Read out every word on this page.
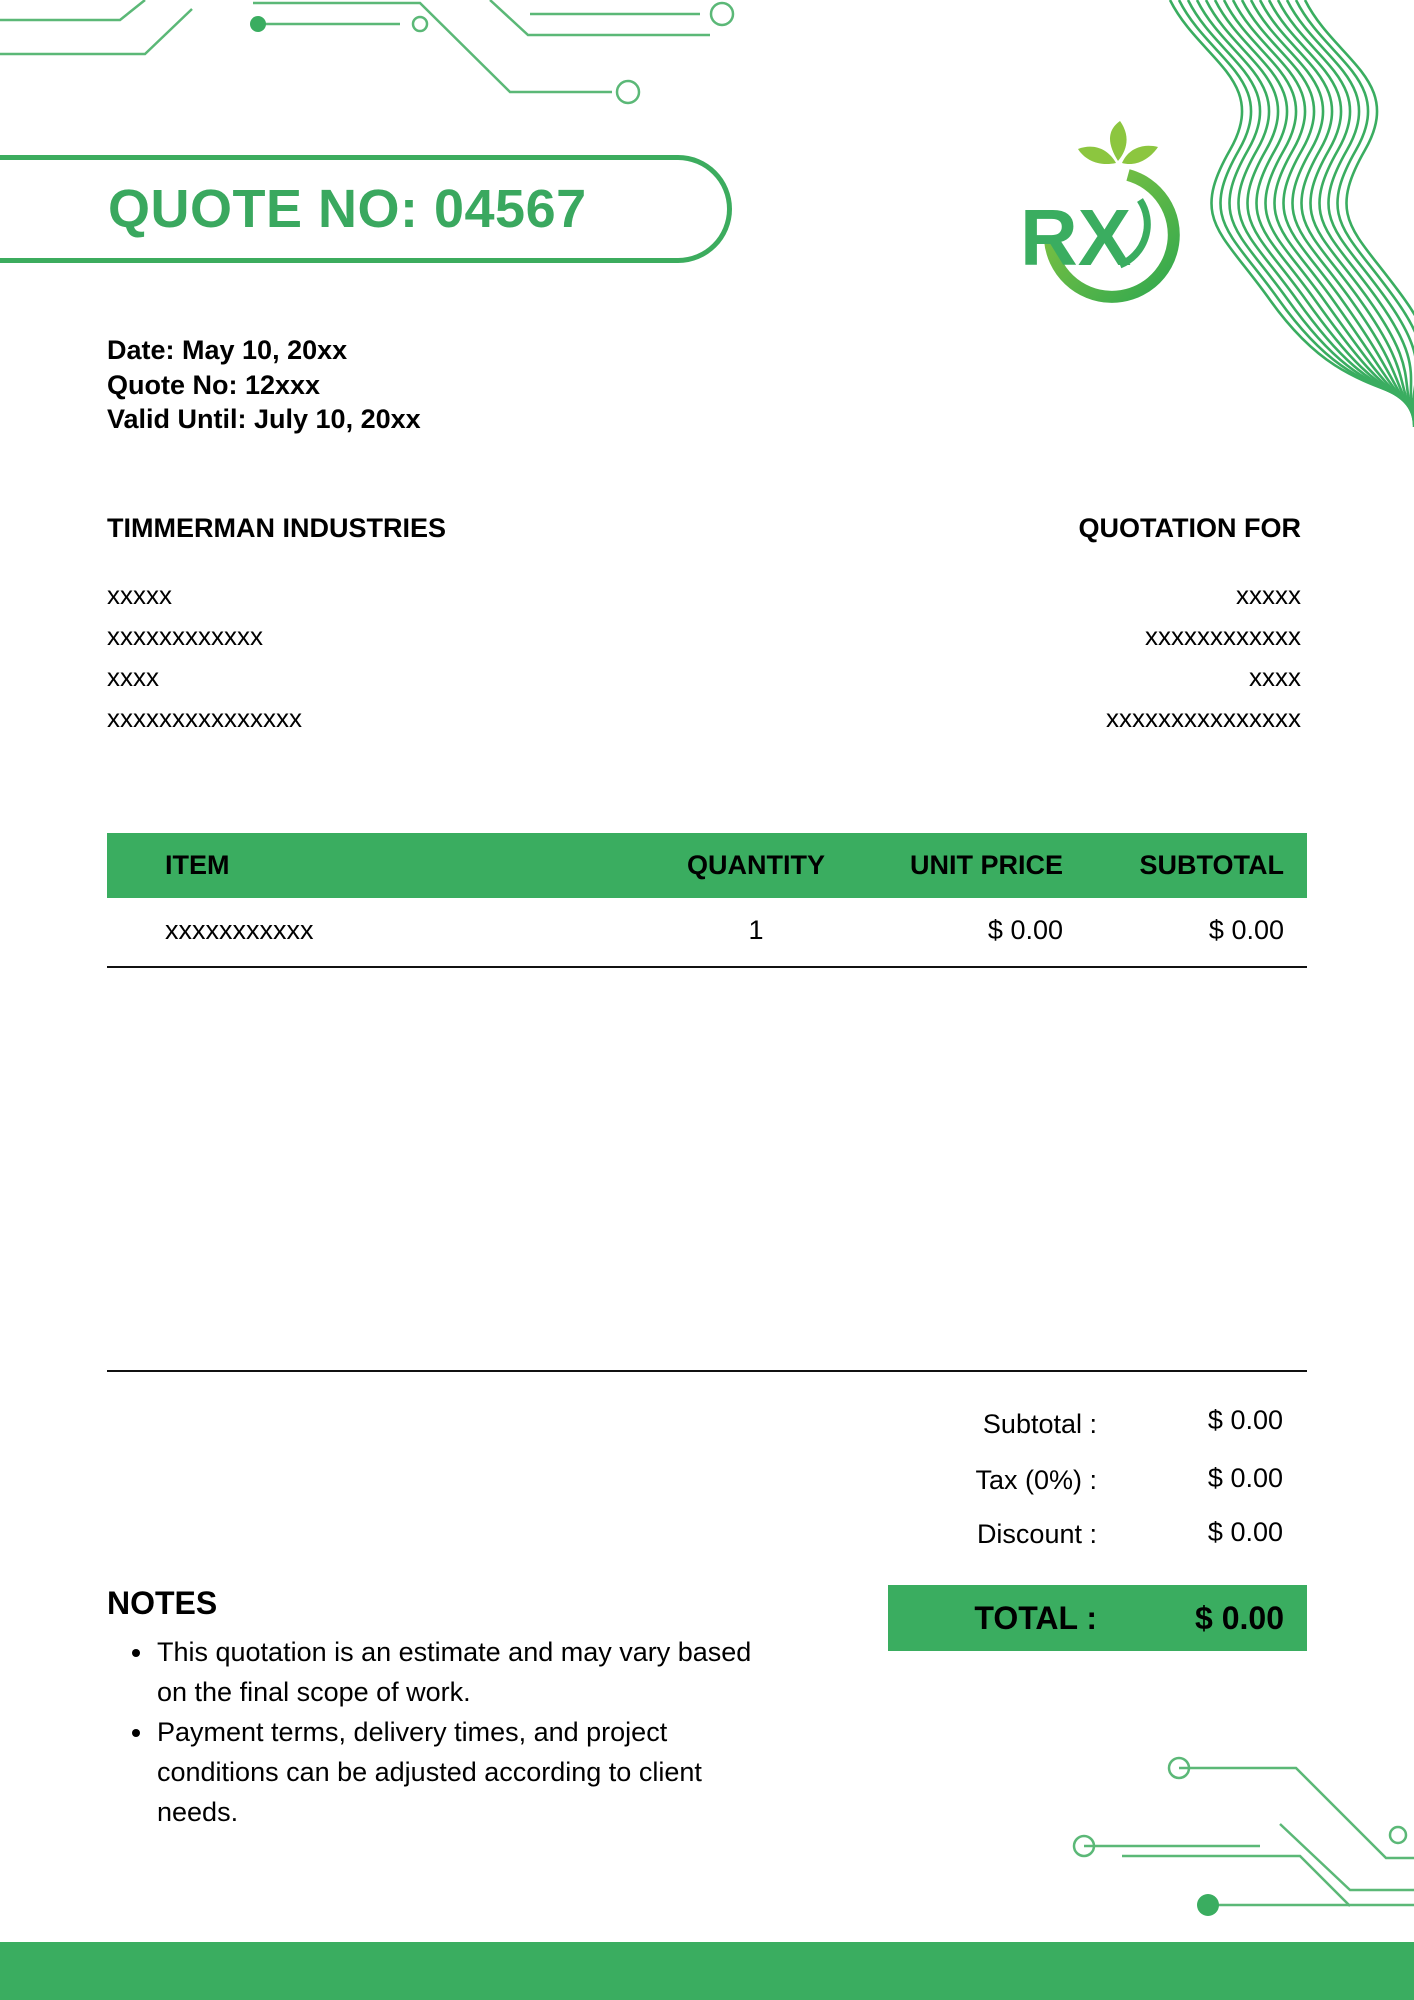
QUOTE NO: 04567	RX
Date: May 10, 20xx
Quote No: 12xxx
Valid Until: July 10, 20xx
TIMMERMAN INDUSTRIES
xxxxx
xxxxxxxxxxxx
xxxx
xxxxxxxxxxxxxxx
QUOTATION FOR
xxxxx
xxxxxxxxxxxx
xxxx
xxxxxxxxxxxxxxx
ITEM	QUANTITY	UNIT PRICE	SUBTOTAL
xxxxxxxxxxx	1	$ 0.00	$ 0.00
Subtotal :	$ 0.00
Tax (0%) :	$ 0.00
Discount :	$ 0.00
TOTAL :	$ 0.00
NOTES
• This quotation is an estimate and may vary based on the final scope of work.
• Payment terms, delivery times, and project conditions can be adjusted according to client needs.
